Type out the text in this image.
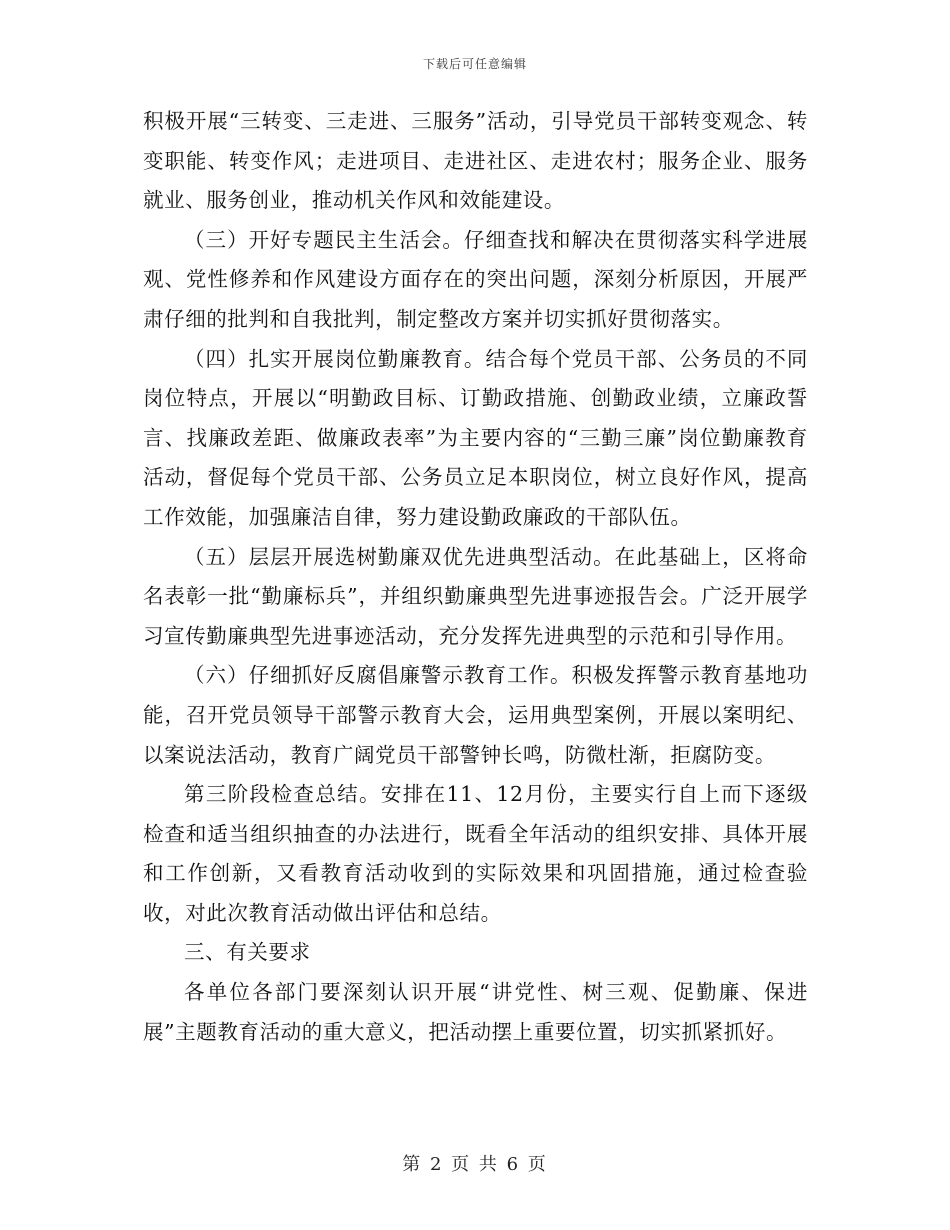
下载后可任意编辑

积极开展“三转变、三走进、三服务”活动，引导党员干部转变观念、转变职能、转变作风；走进项目、走进社区、走进农村；服务企业、服务就业、服务创业，推动机关作风和效能建设。

（三）开好专题民主生活会。仔细查找和解决在贯彻落实科学进展观、党性修养和作风建设方面存在的突出问题，深刻分析原因，开展严肃仔细的批判和自我批判，制定整改方案并切实抓好贯彻落实。

（四）扎实开展岗位勤廉教育。结合每个党员干部、公务员的不同岗位特点，开展以“明勤政目标、订勤政措施、创勤政业绩，立廉政誓言、找廉政差距、做廉政表率”为主要内容的“三勤三廉”岗位勤廉教育活动，督促每个党员干部、公务员立足本职岗位，树立良好作风，提高工作效能，加强廉洁自律，努力建设勤政廉政的干部队伍。

（五）层层开展选树勤廉双优先进典型活动。在此基础上，区将命名表彰一批“勤廉标兵”，并组织勤廉典型先进事迹报告会。广泛开展学习宣传勤廉典型先进事迹活动，充分发挥先进典型的示范和引导作用。

（六）仔细抓好反腐倡廉警示教育工作。积极发挥警示教育基地功能，召开党员领导干部警示教育大会，运用典型案例，开展以案明纪、以案说法活动，教育广阔党员干部警钟长鸣，防微杜渐，拒腐防变。

第三阶段检查总结。安排在11、12月份，主要实行自上而下逐级检查和适当组织抽查的办法进行，既看全年活动的组织安排、具体开展和工作创新，又看教育活动收到的实际效果和巩固措施，通过检查验收，对此次教育活动做出评估和总结。

三、有关要求

各单位各部门要深刻认识开展“讲党性、树三观、促勤廉、保进展”主题教育活动的重大意义，把活动摆上重要位置，切实抓紧抓好。

第 2 页 共 6 页
